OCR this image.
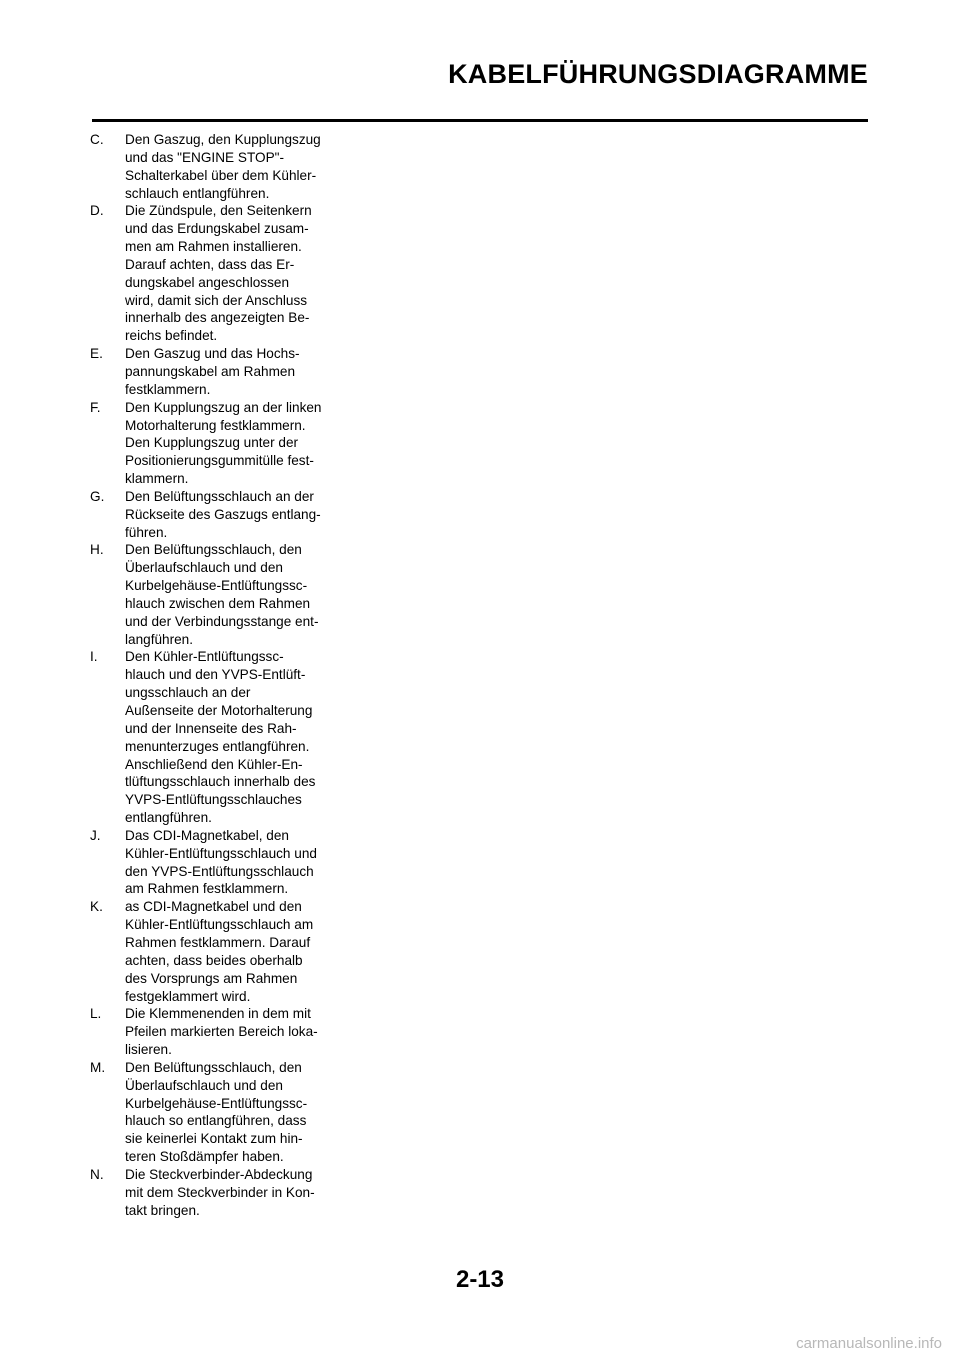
KABELFÜHRUNGSDIAGRAMME
C. Den Gaszug, den Kupplungszug
und das "ENGINE STOP"-
Schalterkabel über dem Kühler-
schlauch entlangführen.
D. Die Zündspule, den Seitenkern
und das Erdungskabel zusam-
men am Rahmen installieren.
Darauf achten, dass das Er-
dungskabel angeschlossen
wird, damit sich der Anschluss
innerhalb des angezeigten Be-
reichs befindet.
E. Den Gaszug und das Hochs-
pannungskabel am Rahmen
festklammern.
F. Den Kupplungszug an der linken
Motorhalterung festklammern.
Den Kupplungszug unter der
Positionierungsgummitülle fest-
klammern.
G. Den Belüftungsschlauch an der
Rückseite des Gaszugs entlang-
führen.
H. Den Belüftungsschlauch, den
Überlaufschlauch und den
Kurbelgehäuse-Entlüftungssc-
hlauch zwischen dem Rahmen
und der Verbindungsstange ent-
langführen.
I. Den Kühler-Entlüftungssc-
hlauch und den YVPS-Entlüft-
ungsschlauch an der
Außenseite der Motorhalterung
und der Innenseite des Rah-
menunterzuges entlangführen.
Anschließend den Kühler-En-
tlüftungsschlauch innerhalb des
YVPS-Entlüftungsschlauches
entlangführen.
J. Das CDI-Magnetkabel, den
Kühler-Entlüftungsschlauch und
den YVPS-Entlüftungsschlauch
am Rahmen festklammern.
K. as CDI-Magnetkabel und den
Kühler-Entlüftungsschlauch am
Rahmen festklammern. Darauf
achten, dass beides oberhalb
des Vorsprungs am Rahmen
festgeklammert wird.
L. Die Klemmenenden in dem mit
Pfeilen markierten Bereich loka-
lisieren.
M. Den Belüftungsschlauch, den
Überlaufschlauch und den
Kurbelgehäuse-Entlüftungssc-
hlauch so entlangführen, dass
sie keinerlei Kontakt zum hin-
teren Stoßdämpfer haben.
N. Die Steckverbinder-Abdeckung
mit dem Steckverbinder in Kon-
takt bringen.
2-13
carmanualsonline.info
